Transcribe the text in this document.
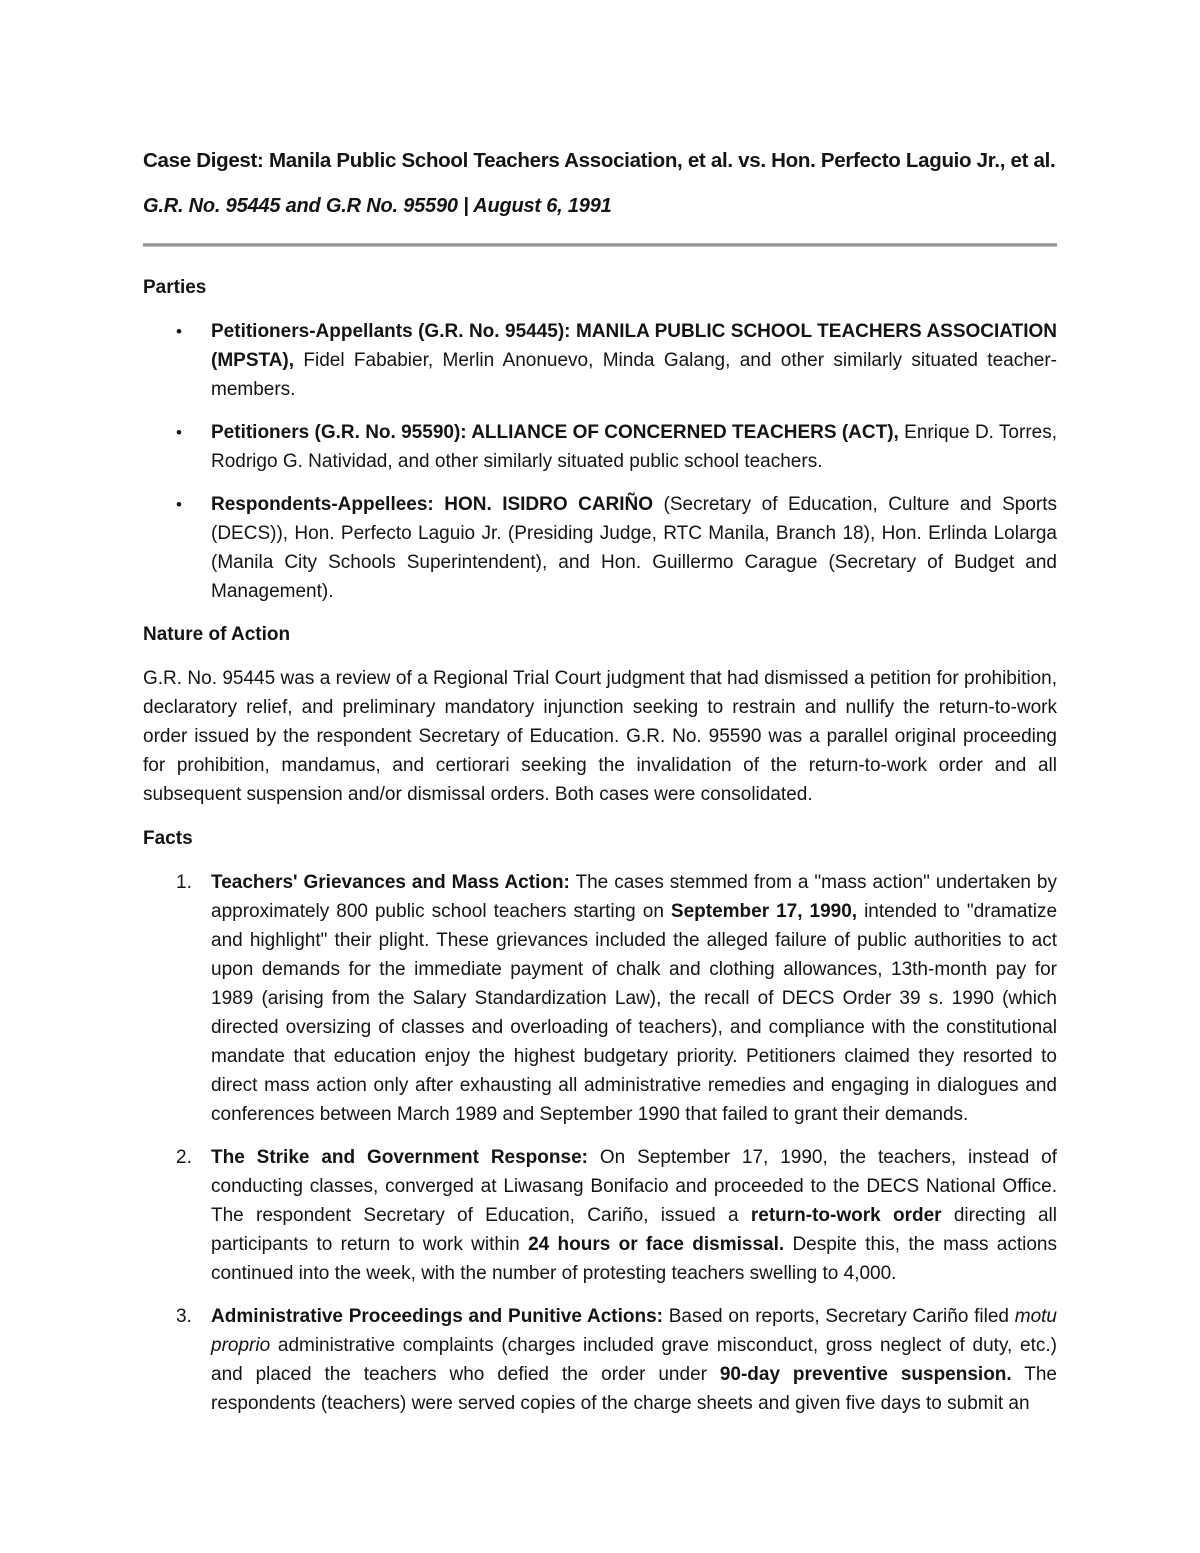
Case Digest: Manila Public School Teachers Association, et al. vs. Hon. Perfecto Laguio Jr., et al.

G.R. No. 95445 and G.R No. 95590 | August 6, 1991

Parties
•	Petitioners-Appellants (G.R. No. 95445): MANILA PUBLIC SCHOOL TEACHERS ASSOCIATION (MPSTA), Fidel Fababier, Merlin Anonuevo, Minda Galang, and other similarly situated teacher-members.
•	Petitioners (G.R. No. 95590): ALLIANCE OF CONCERNED TEACHERS (ACT), Enrique D. Torres, Rodrigo G. Natividad, and other similarly situated public school teachers.
•	Respondents-Appellees: HON. ISIDRO CARIÑO (Secretary of Education, Culture and Sports (DECS)), Hon. Perfecto Laguio Jr. (Presiding Judge, RTC Manila, Branch 18), Hon. Erlinda Lolarga (Manila City Schools Superintendent), and Hon. Guillermo Carague (Secretary of Budget and Management).
Nature of Action

G.R. No. 95445 was a review of a Regional Trial Court judgment that had dismissed a petition for prohibition, declaratory relief, and preliminary mandatory injunction seeking to restrain and nullify the return-to-work order issued by the respondent Secretary of Education. G.R. No. 95590 was a parallel original proceeding for prohibition, mandamus, and certiorari seeking the invalidation of the return-to-work order and all subsequent suspension and/or dismissal orders. Both cases were consolidated.

Facts
1.	Teachers' Grievances and Mass Action: The cases stemmed from a "mass action" undertaken by approximately 800 public school teachers starting on September 17, 1990, intended to "dramatize and highlight" their plight. These grievances included the alleged failure of public authorities to act upon demands for the immediate payment of chalk and clothing allowances, 13th-month pay for 1989 (arising from the Salary Standardization Law), the recall of DECS Order 39 s. 1990 (which directed oversizing of classes and overloading of teachers), and compliance with the constitutional mandate that education enjoy the highest budgetary priority. Petitioners claimed they resorted to direct mass action only after exhausting all administrative remedies and engaging in dialogues and conferences between March 1989 and September 1990 that failed to grant their demands.
2.	The Strike and Government Response: On September 17, 1990, the teachers, instead of conducting classes, converged at Liwasang Bonifacio and proceeded to the DECS National Office. The respondent Secretary of Education, Cariño, issued a return-to-work order directing all participants to return to work within 24 hours or face dismissal. Despite this, the mass actions continued into the week, with the number of protesting teachers swelling to 4,000.
3.	Administrative Proceedings and Punitive Actions: Based on reports, Secretary Cariño filed motu proprio administrative complaints (charges included grave misconduct, gross neglect of duty, etc.) and placed the teachers who defied the order under 90-day preventive suspension. The respondents (teachers) were served copies of the charge sheets and given five days to submit an
